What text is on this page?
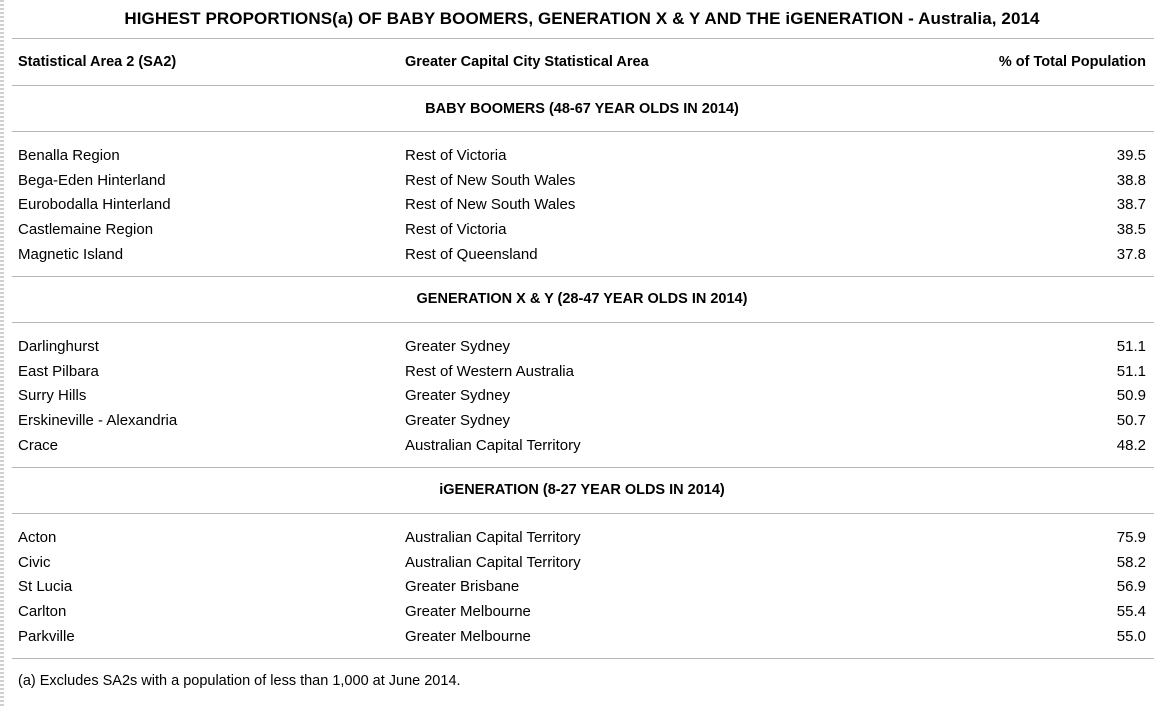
HIGHEST PROPORTIONS(a) OF BABY BOOMERS, GENERATION X & Y AND THE iGENERATION - Australia, 2014
Statistical Area 2 (SA2)	Greater Capital City Statistical Area	% of Total Population
BABY BOOMERS (48-67 YEAR OLDS IN 2014)
Benalla Region	Rest of Victoria	39.5
Bega-Eden Hinterland	Rest of New South Wales	38.8
Eurobodalla Hinterland	Rest of New South Wales	38.7
Castlemaine Region	Rest of Victoria	38.5
Magnetic Island	Rest of Queensland	37.8
GENERATION X & Y (28-47 YEAR OLDS IN 2014)
Darlinghurst	Greater Sydney	51.1
East Pilbara	Rest of Western Australia	51.1
Surry Hills	Greater Sydney	50.9
Erskineville - Alexandria	Greater Sydney	50.7
Crace	Australian Capital Territory	48.2
iGENERATION (8-27 YEAR OLDS IN 2014)
Acton	Australian Capital Territory	75.9
Civic	Australian Capital Territory	58.2
St Lucia	Greater Brisbane	56.9
Carlton	Greater Melbourne	55.4
Parkville	Greater Melbourne	55.0
(a) Excludes SA2s with a population of less than 1,000 at June 2014.
